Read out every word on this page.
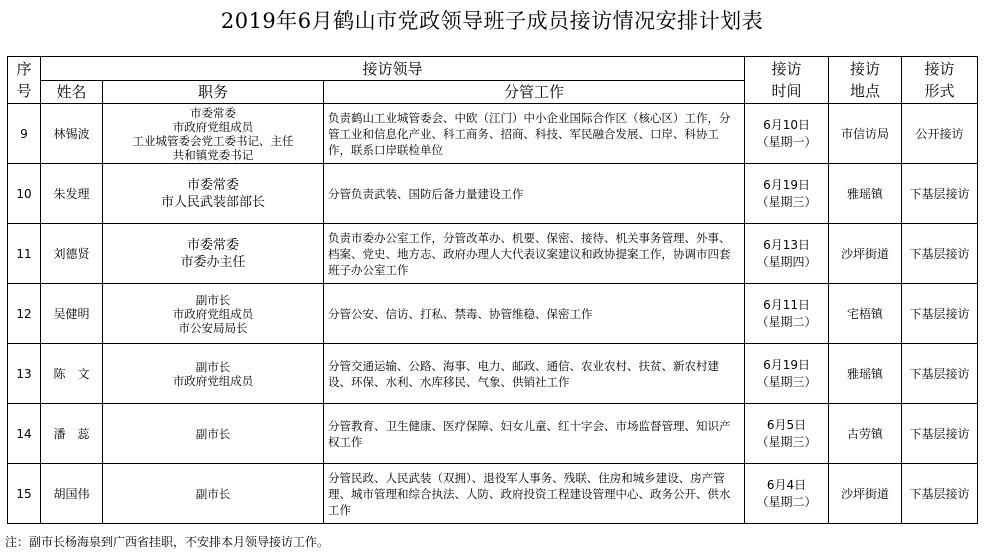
2019年6月鹤山市党政领导班子成员接访情况安排计划表
序
号	接访领导			接访
时间	接访
地点	接访
形式

	姓名	职务	分管工作			
9	林锡波	市委常委
市政府党组成员
工业城管委会党工委书记、主任
共和镇党委书记	负责鹤山工业城管委会、中欧（江门）中小企业国际合作区（核心区）工作，分管工业和信息化产业、科工商务、招商、科技、军民融合发展、口岸、科协工作，联系口岸联检单位	6月10日
（星期一）	市信访局	公开接访
10	朱发理	市委常委
市人民武装部部长	分管负责武装、国防后备力量建设工作	6月19日
（星期三）	雅瑶镇	下基层接访
11	刘德贤	市委常委
市委办主任	负责市委办公室工作，分管改革办、机要、保密、接待、机关事务管理、外事、档案、党史、地方志、政府办理人大代表议案建议和政协提案工作，协调市四套班子办公室工作	6月13日
（星期四）	沙坪街道	下基层接访
12	吴健明	副市长
市政府党组成员
市公安局局长	分管公安、信访、打私、禁毒、协管维稳、保密工作	6月11日
（星期二）	宅梧镇	下基层接访
13	陈　文	副市长
市政府党组成员	分管交通运输、公路、海事、电力、邮政、通信、农业农村、扶贫、新农村建设、环保、水利、水库移民、气象、供销社工作	6月19日
（星期三）	雅瑶镇	下基层接访
14	潘　蕊	副市长	分管教育、卫生健康、医疗保障、妇女儿童、红十字会、市场监督管理、知识产权工作	6月5日
（星期三）	古劳镇	下基层接访
15	胡国伟	副市长	分管民政、人民武装（双拥）、退役军人事务、残联、住房和城乡建设、房产管理、城市管理和综合执法、人防、政府投资工程建设管理中心、政务公开、供水工作	6月4日
（星期二）	沙坪街道	下基层接访
注：副市长杨海泉到广西省挂职，不安排本月领导接访工作。
